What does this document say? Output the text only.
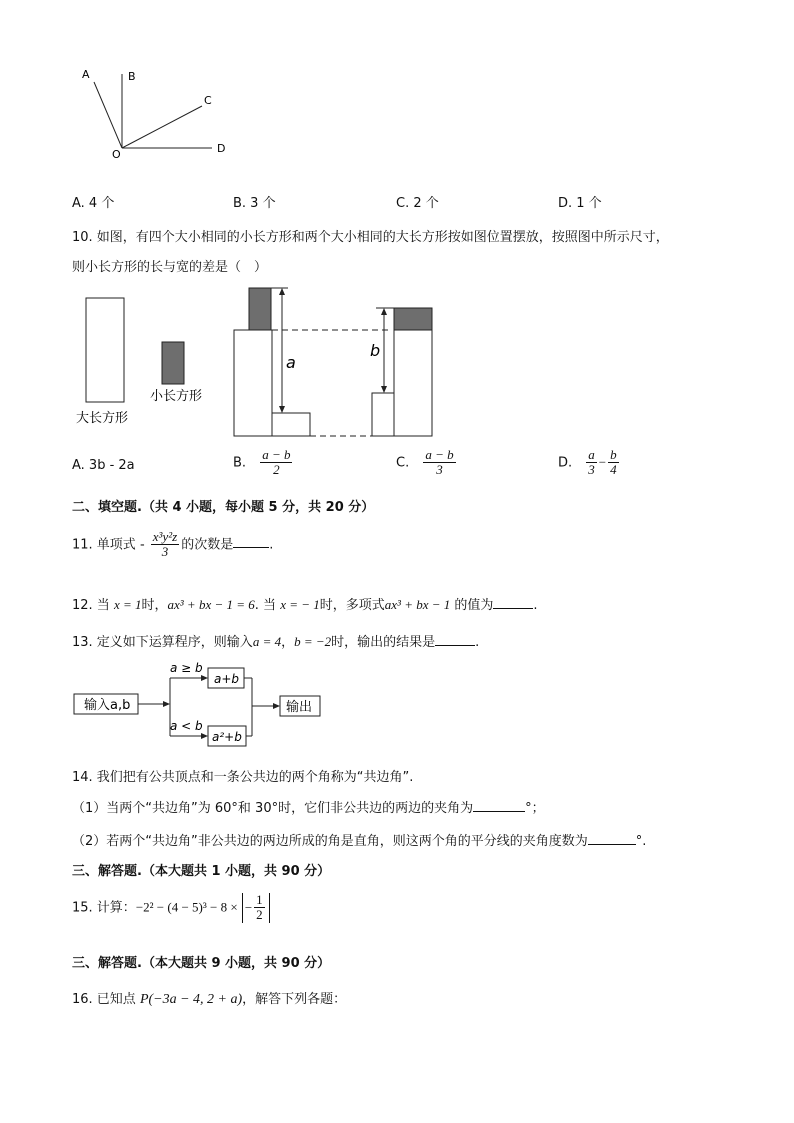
A	B
C
O	D
A. 4 个	B. 3 个	C. 2 个	D. 1 个
10. 如图，有四个大小相同的小长方形和两个大小相同的大长方形按如图位置摆放，按照图中所示尺寸，
则小长方形的长与宽的差是（　）
大长方形
小长方形
a
b
A. 3b - 2a	B. $\frac{a - b}{2}$	C. $\frac{a - b}{3}$	D. $\frac{a}{3} - \frac{b}{4}$
二、填空题.（共 4 小题，每小题 5 分，共 20 分）
11. 单项式 - $\frac{\text{x³y²z}}{3}$ 的次数是	.
12. 当 x = 1时，ax³ + bx − 1 = 6. 当 x = − 1时，多项式ax³ + bx − 1 的值为	.
13. 定义如下运算程序，则输入a = 4，b = −2时，输出的结果是	.
输入a,b
a ≥ b
a+b
a < b
a²+b
输出
14. 我们把有公共顶点和一条公共边的两个角称为“共边角”.
（1）当两个“共边角”为 60°和 30°时，它们非公共边的两边的夹角为	°；
（2）若两个“共边角”非公共边的两边所成的角是直角，则这两个角的平分线的夹角度数为	°.
三、解答题.（本大题共 1 小题，共 90 分）
15. 计算：−2² − (4 − 5)³ − 8 × − $\frac{1}{2}$
三、解答题.（本大题共 9 小题，共 90 分）
16. 已知点 P(−3a − 4, 2 + a)，解答下列各题：
